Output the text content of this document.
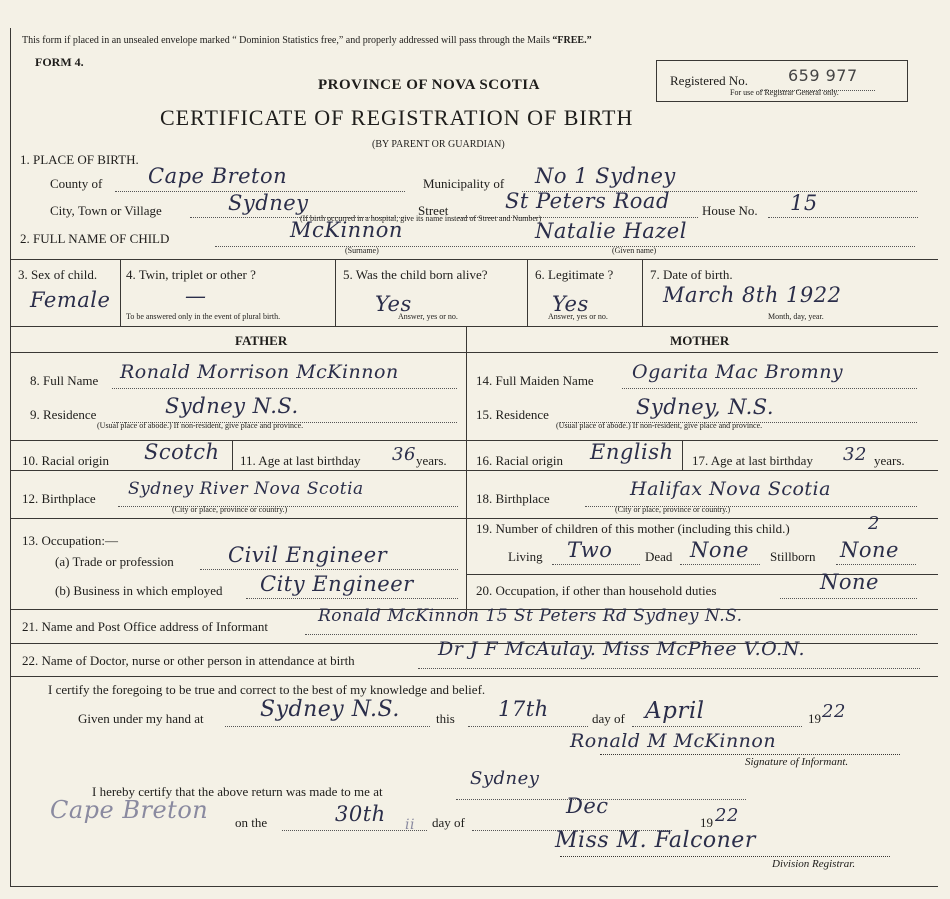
This form if placed in an unsealed envelope marked “ Dominion Statistics free,” and properly addressed will pass through the Mails “FREE.”
FORM 4.
PROVINCE OF NOVA SCOTIA
CERTIFICATE OF REGISTRATION OF BIRTH
(BY PARENT OR GUARDIAN)
Registered No.	659 977
For use of Registrar General only.
1. PLACE OF BIRTH.
County of Cape Breton	Municipality of No 1 Sydney
City, Town or Village	Sydney	Street	St Peters Road House No. 15
(If birth occurred in a hospital, give its name instead of Street and Number)
2. FULL NAME OF CHILD	McKinnon	Natalie Hazel
(Surname)	(Given name)
3. Sex of child.
Female
4. Twin, triplet or other ?
—
To be answered only in the event of plural birth.
5. Was the child born alive?
Yes
Answer, yes or no.
6. Legitimate ?
Yes
Answer, yes or no.
7. Date of birth.
March 8th 1922
Month, day, year.
FATHER	MOTHER
8. Full Name Ronald Morrison McKinnon
9. Residence	Sydney N.S.
(Usual place of abode.) If non-resident, give place and province.
10. Racial origin Scotch 11. Age at last birthday 36 years.
12. Birthplace Sydney River Nova Scotia
(City or place, province or country.)
13. Occupation:—
(a) Trade or profession	Civil Engineer
(b) Business in which employed City Engineer
14. Full Maiden Name Ogarita Mac Bromny
15. Residence	Sydney, N.S.
(Usual place of abode.) If non-resident, give place and province.
16. Racial origin English 17. Age at last birthday 32 years.
18. Birthplace	Halifax Nova Scotia
(City or place, province or country.)
19. Number of children of this mother (including this child.)	2
Living Two	Dead None Stillborn None
20. Occupation, if other than household duties	None
21. Name and Post Office address of Informant
Ronald McKinnon 15 St Peters Rd Sydney N.S.
22. Name of Doctor, nurse or other person in attendance at birth
Dr J F McAulay. Miss McPhee V.O.N.
I certify the foregoing to be true and correct to the best of my knowledge and belief.
Given under my hand at	Sydney N.S.	this 17th	day of April	19 22
Ronald M McKinnon
Signature of Informant.
I hereby certify that the above return was made to me at
Sydney
Cape Breton on the	30th ii day of
Dec
19 22
Miss M. Falconer
Division Registrar.
